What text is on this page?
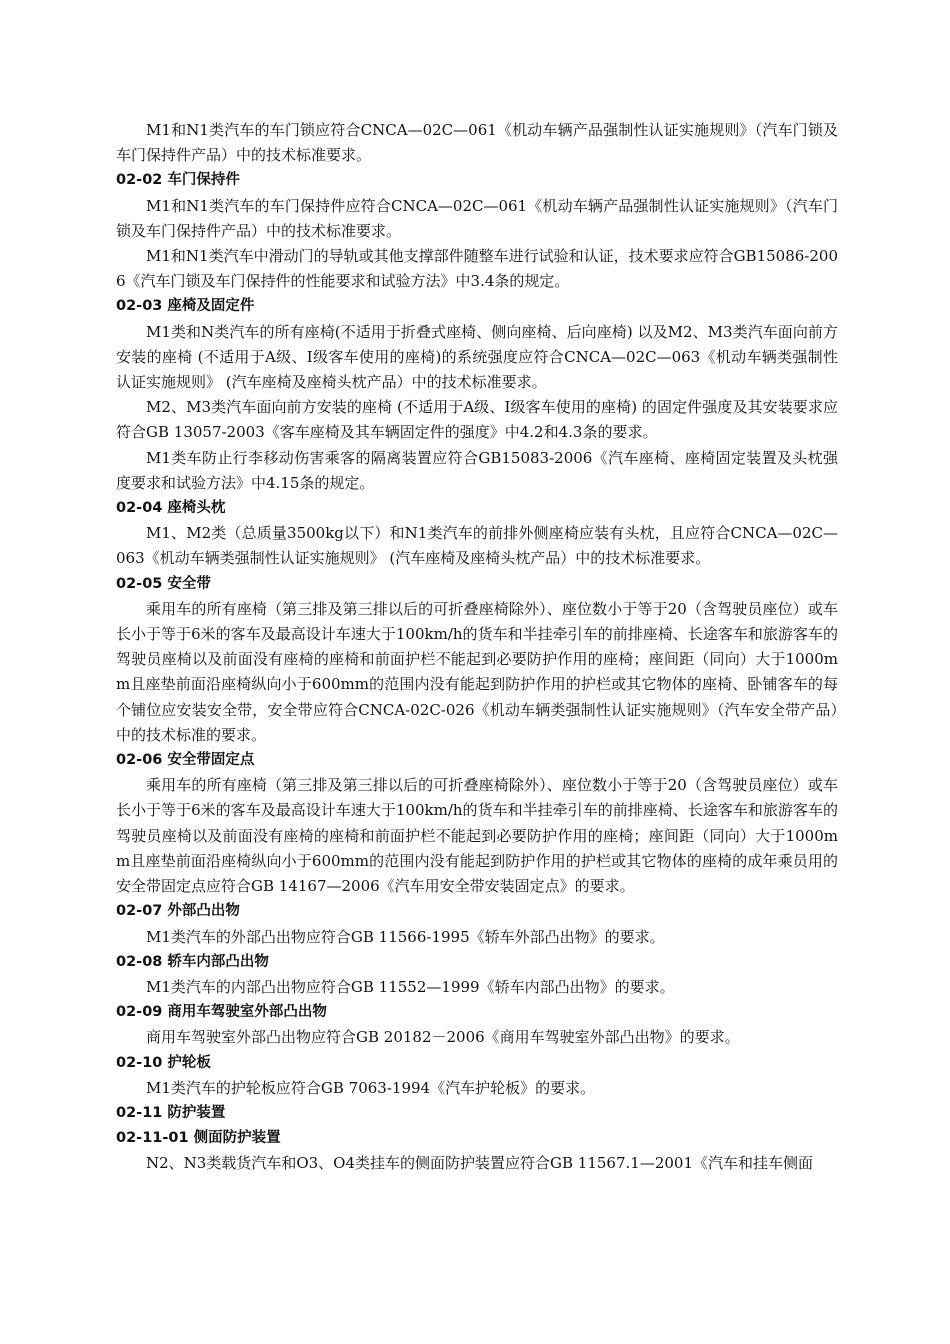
M1和N1类汽车的车门锁应符合CNCA—02C—061《机动车辆产品强制性认证实施规则》（汽车门锁及车门保持件产品）中的技术标准要求。

02-02 车门保持件

M1和N1类汽车的车门保持件应符合CNCA—02C—061《机动车辆产品强制性认证实施规则》（汽车门锁及车门保持件产品）中的技术标准要求。

M1和N1类汽车中滑动门的导轨或其他支撑部件随整车进行试验和认证，技术要求应符合GB15086-2006《汽车门锁及车门保持件的性能要求和试验方法》中3.4条的规定。

02-03 座椅及固定件

M1类和N类汽车的所有座椅(不适用于折叠式座椅、侧向座椅、后向座椅) 以及M2、M3类汽车面向前方安装的座椅 (不适用于A级、I级客车使用的座椅)的系统强度应符合CNCA—02C—063《机动车辆类强制性认证实施规则》 (汽车座椅及座椅头枕产品）中的技术标准要求。

M2、M3类汽车面向前方安装的座椅 (不适用于A级、I级客车使用的座椅) 的固定件强度及其安装要求应符合GB 13057-2003《客车座椅及其车辆固定件的强度》中4.2和4.3条的要求。

M1类车防止行李移动伤害乘客的隔离装置应符合GB15083-2006《汽车座椅、座椅固定装置及头枕强度要求和试验方法》中4.15条的规定。

02-04 座椅头枕

M1、M2类（总质量3500kg以下）和N1类汽车的前排外侧座椅应装有头枕，且应符合CNCA—02C—063《机动车辆类强制性认证实施规则》 (汽车座椅及座椅头枕产品）中的技术标准要求。

02-05 安全带

乘用车的所有座椅（第三排及第三排以后的可折叠座椅除外）、座位数小于等于20（含驾驶员座位）或车长小于等于6米的客车及最高设计车速大于100km/h的货车和半挂牵引车的前排座椅、长途客车和旅游客车的驾驶员座椅以及前面没有座椅的座椅和前面护栏不能起到必要防护作用的座椅；座间距（同向）大于1000mm且座垫前面沿座椅纵向小于600mm的范围内没有能起到防护作用的护栏或其它物体的座椅、卧铺客车的每个铺位应安装安全带，安全带应符合CNCA-02C-026《机动车辆类强制性认证实施规则》（汽车安全带产品）中的技术标准的要求。

02-06 安全带固定点

乘用车的所有座椅（第三排及第三排以后的可折叠座椅除外）、座位数小于等于20（含驾驶员座位）或车长小于等于6米的客车及最高设计车速大于100km/h的货车和半挂牵引车的前排座椅、长途客车和旅游客车的驾驶员座椅以及前面没有座椅的座椅和前面护栏不能起到必要防护作用的座椅；座间距（同向）大于1000mm且座垫前面沿座椅纵向小于600mm的范围内没有能起到防护作用的护栏或其它物体的座椅的成年乘员用的安全带固定点应符合GB 14167—2006《汽车用安全带安装固定点》的要求。

02-07 外部凸出物

M1类汽车的外部凸出物应符合GB 11566-1995《轿车外部凸出物》的要求。

02-08 轿车内部凸出物

M1类汽车的内部凸出物应符合GB 11552—1999《轿车内部凸出物》的要求。

02-09 商用车驾驶室外部凸出物

商用车驾驶室外部凸出物应符合GB 20182－2006《商用车驾驶室外部凸出物》的要求。

02-10 护轮板

M1类汽车的护轮板应符合GB 7063-1994《汽车护轮板》的要求。

02-11 防护装置

02-11-01 侧面防护装置

N2、N3类载货汽车和O3、O4类挂车的侧面防护装置应符合GB 11567.1—2001《汽车和挂车侧面
